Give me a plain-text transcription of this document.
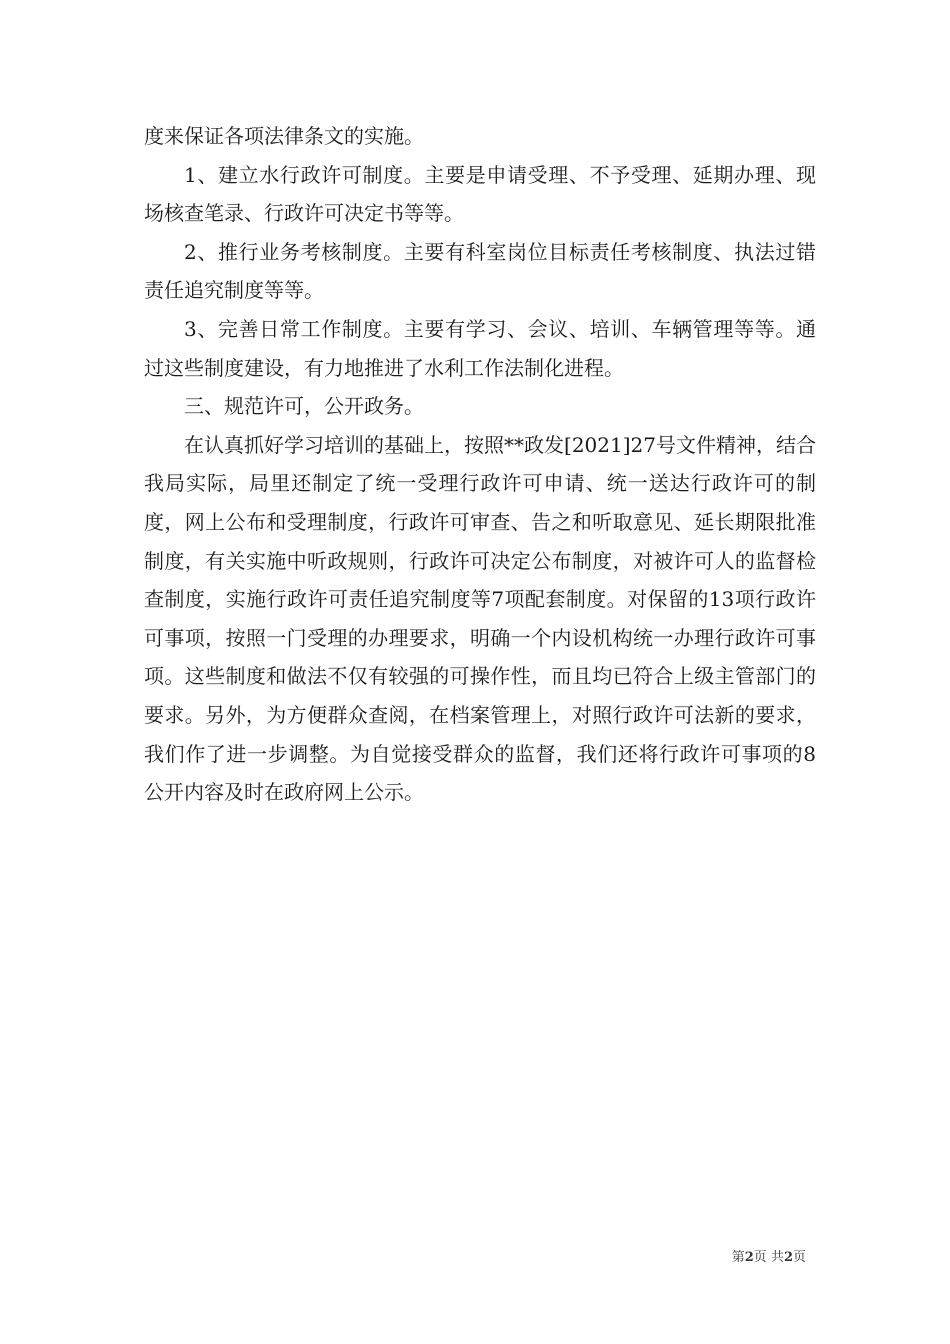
度来保证各项法律条文的实施。

1、建立水行政许可制度。主要是申请受理、不予受理、延期办理、现场核查笔录、行政许可决定书等等。

2、推行业务考核制度。主要有科室岗位目标责任考核制度、执法过错责任追究制度等等。

3、完善日常工作制度。主要有学习、会议、培训、车辆管理等等。通过这些制度建设，有力地推进了水利工作法制化进程。

三、规范许可，公开政务。

在认真抓好学习培训的基础上，按照**政发[2021]27号文件精神，结合我局实际，局里还制定了统一受理行政许可申请、统一送达行政许可的制度，网上公布和受理制度，行政许可审查、告之和听取意见、延长期限批准制度，有关实施中听政规则，行政许可决定公布制度，对被许可人的监督检查制度，实施行政许可责任追究制度等7项配套制度。对保留的13项行政许可事项，按照一门受理的办理要求，明确一个内设机构统一办理行政许可事项。这些制度和做法不仅有较强的可操作性，而且均已符合上级主管部门的要求。另外，为方便群众查阅，在档案管理上，对照行政许可法新的要求，我们作了进一步调整。为自觉接受群众的监督，我们还将行政许可事项的8公开内容及时在政府网上公示。

第2页 共2页
